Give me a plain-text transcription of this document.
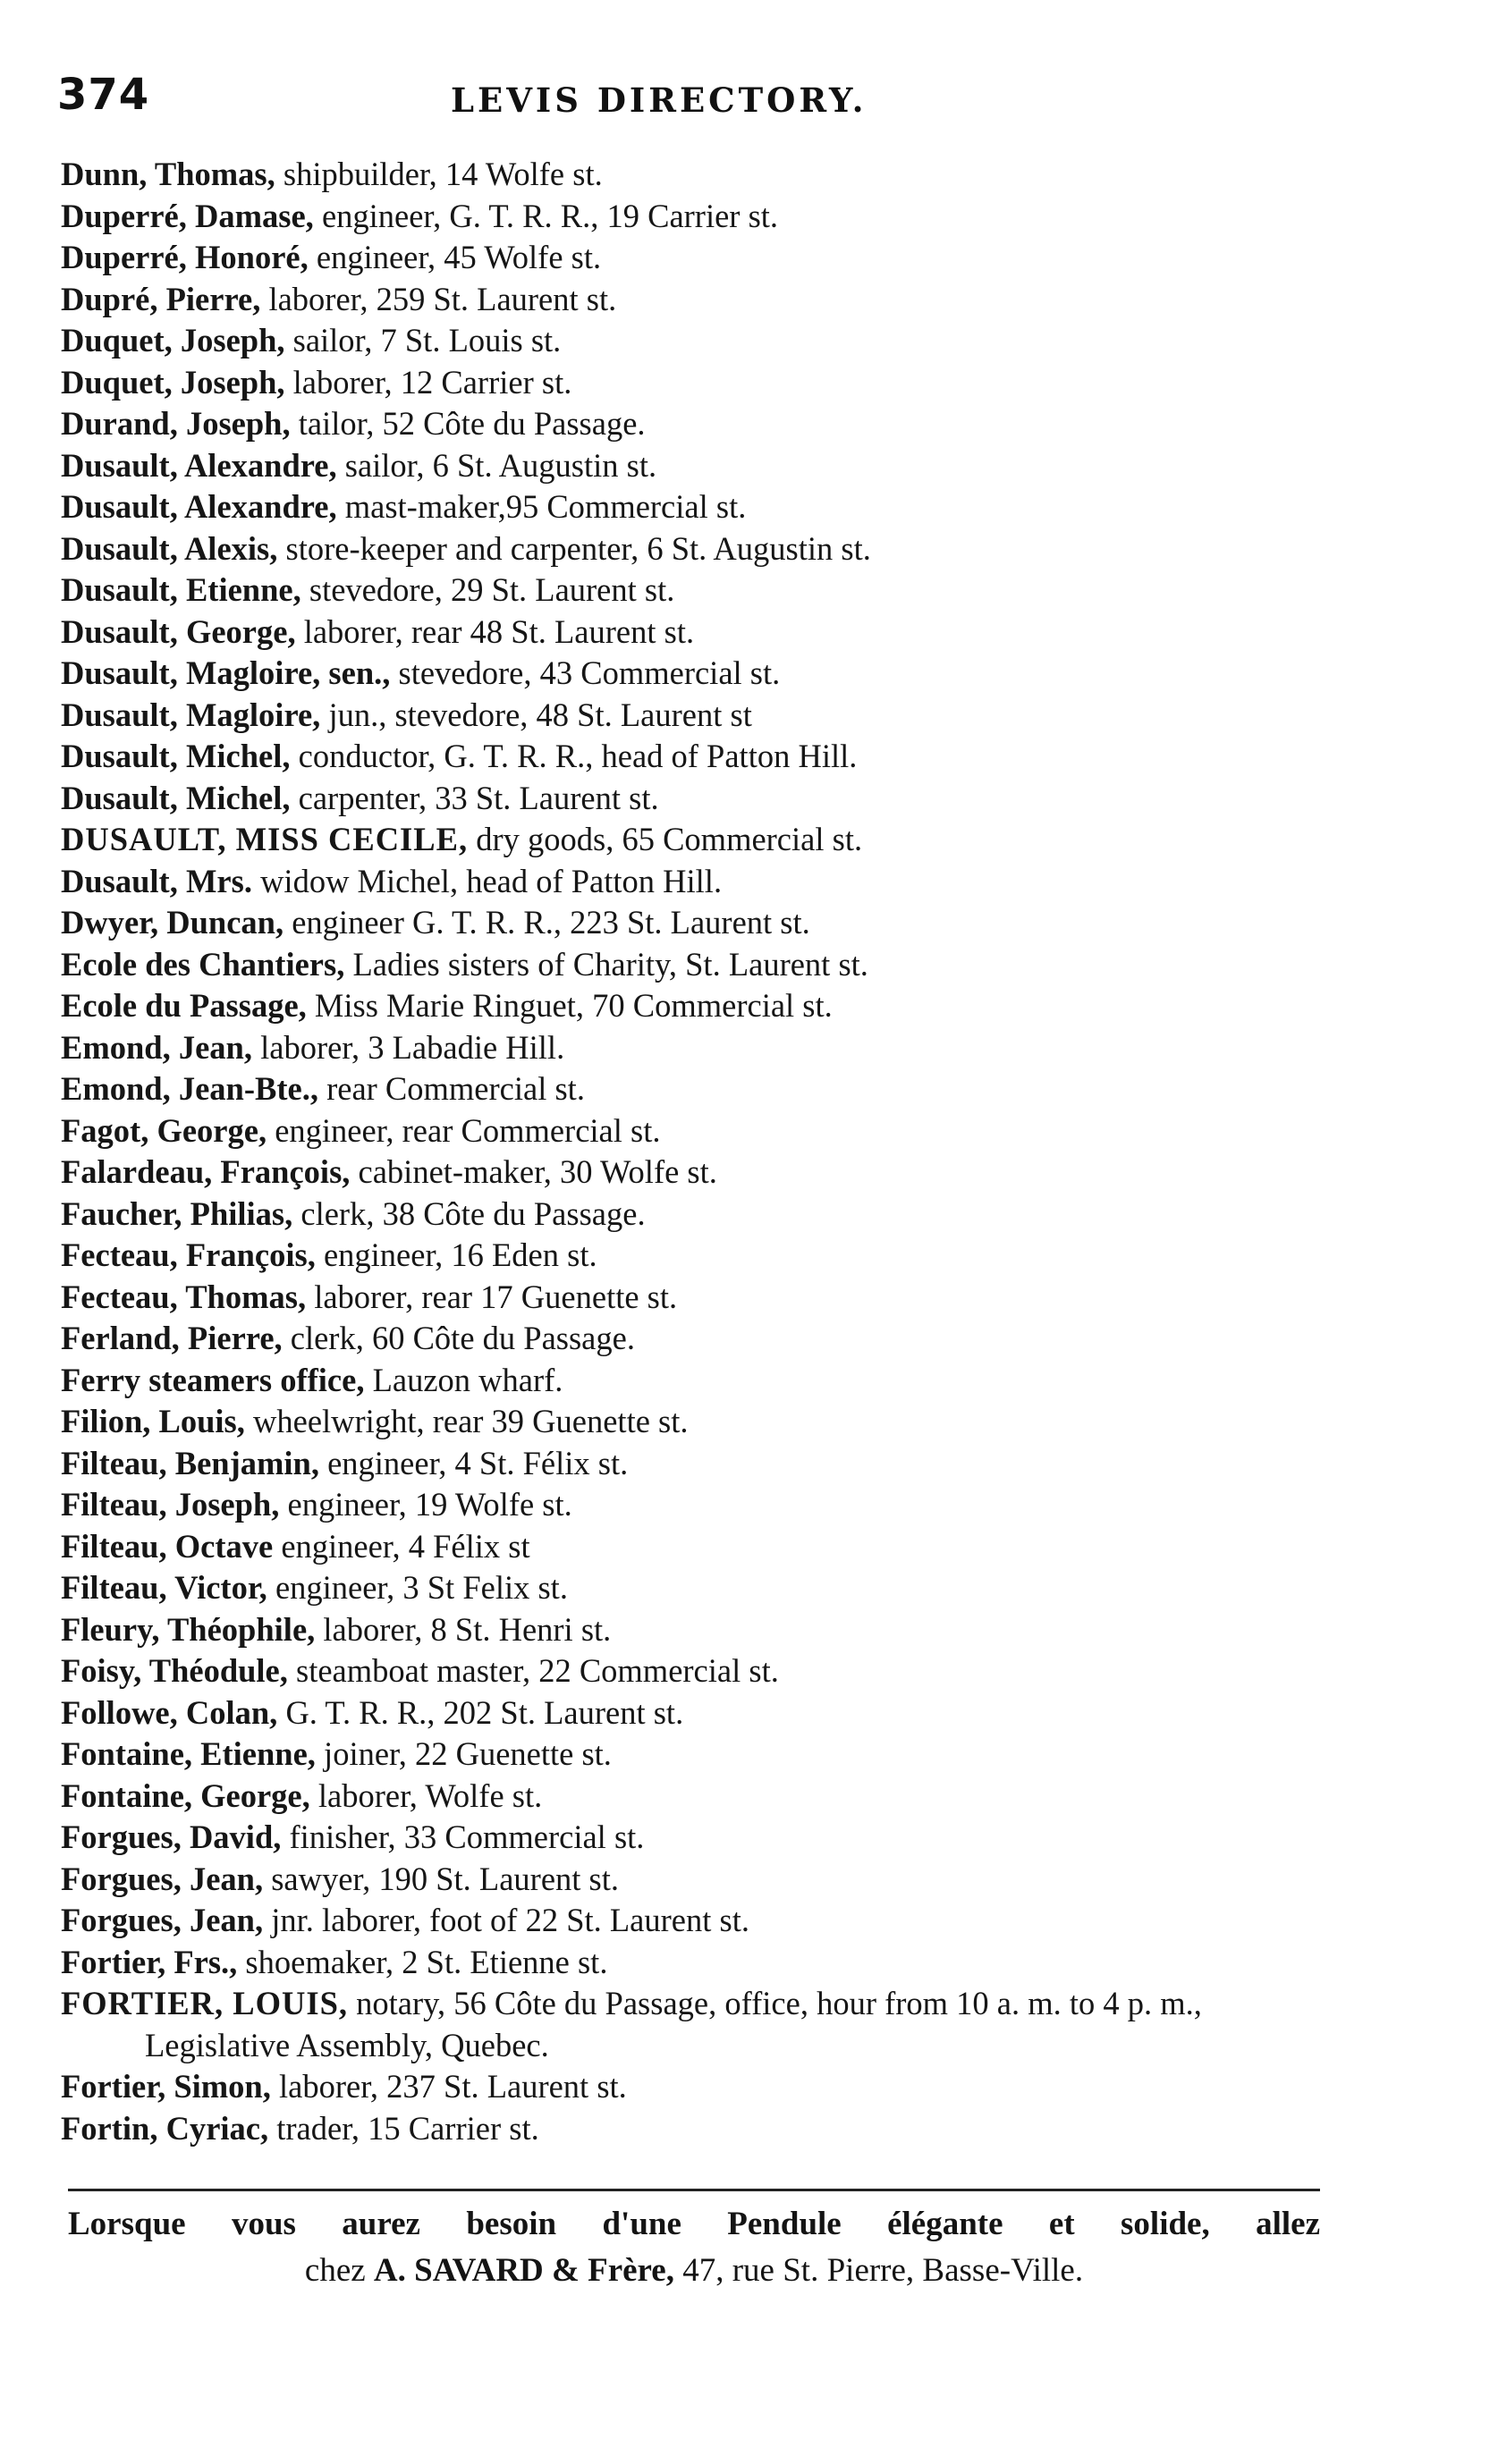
374	LEVIS DIRECTORY.
Dunn, Thomas, shipbuilder, 14 Wolfe st.
Duperré, Damase, engineer, G. T. R. R., 19 Carrier st.
Duperré, Honoré, engineer, 45 Wolfe st.
Dupré, Pierre, laborer, 259 St. Laurent st.
Duquet, Joseph, sailor, 7 St. Louis st.
Duquet, Joseph, laborer, 12 Carrier st.
Durand, Joseph, tailor, 52 Côte du Passage.
Dusault, Alexandre, sailor, 6 St. Augustin st.
Dusault, Alexandre, mast-maker,95 Commercial st.
Dusault, Alexis, store-keeper and carpenter, 6 St. Augustin st.
Dusault, Etienne, stevedore, 29 St. Laurent st.
Dusault, George, laborer, rear 48 St. Laurent st.
Dusault, Magloire, sen., stevedore, 43 Commercial st.
Dusault, Magloire, jun., stevedore, 48 St. Laurent st
Dusault, Michel, conductor, G. T. R. R., head of Patton Hill.
Dusault, Michel, carpenter, 33 St. Laurent st.
DUSAULT, MISS CECILE, dry goods, 65 Commercial st.
Dusault, Mrs. widow Michel, head of Patton Hill.
Dwyer, Duncan, engineer G. T. R. R., 223 St. Laurent st.
Ecole des Chantiers, Ladies sisters of Charity, St. Laurent st.
Ecole du Passage, Miss Marie Ringuet, 70 Commercial st.
Emond, Jean, laborer, 3 Labadie Hill.
Emond, Jean-Bte., rear Commercial st.
Fagot, George, engineer, rear Commercial st.
Falardeau, François, cabinet-maker, 30 Wolfe st.
Faucher, Philias, clerk, 38 Côte du Passage.
Fecteau, François, engineer, 16 Eden st.
Fecteau, Thomas, laborer, rear 17 Guenette st.
Ferland, Pierre, clerk, 60 Côte du Passage.
Ferry steamers office, Lauzon wharf.
Filion, Louis, wheelwright, rear 39 Guenette st.
Filteau, Benjamin, engineer, 4 St. Félix st.
Filteau, Joseph, engineer, 19 Wolfe st.
Filteau, Octave engineer, 4 Félix st
Filteau, Victor, engineer, 3 St Felix st.
Fleury, Théophile, laborer, 8 St. Henri st.
Foisy, Théodule, steamboat master, 22 Commercial st.
Followe, Colan, G. T. R. R., 202 St. Laurent st.
Fontaine, Etienne, joiner, 22 Guenette st.
Fontaine, George, laborer, Wolfe st.
Forgues, David, finisher, 33 Commercial st.
Forgues, Jean, sawyer, 190 St. Laurent st.
Forgues, Jean, jnr. laborer, foot of 22 St. Laurent st.
Fortier, Frs., shoemaker, 2 St. Etienne st.
FORTIER, LOUIS, notary, 56 Côte du Passage, office, hour from 10 a. m. to 4 p. m., Legislative Assembly, Quebec.
Fortier, Simon, laborer, 237 St. Laurent st.
Fortin, Cyriac, trader, 15 Carrier st.
Lorsque vous aurez besoin d'une Pendule élégante et solide, allez
chez A. SAVARD & Frère, 47, rue St. Pierre, Basse-Ville.
